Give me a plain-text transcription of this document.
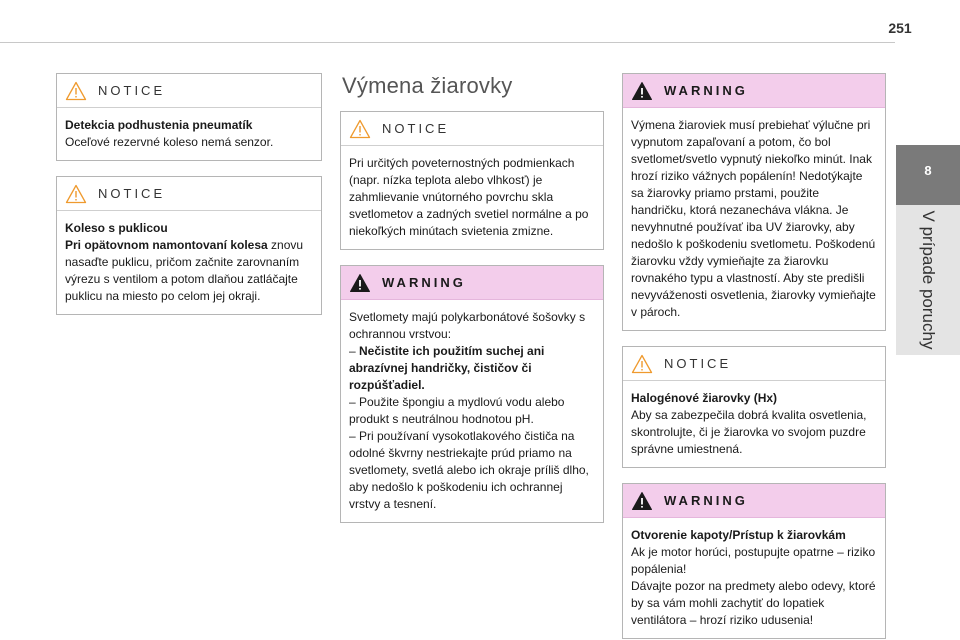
251
8
V prípade poruchy
NOTICE

Detekcia podhustenia pneumatík

Oceľové rezervné koleso nemá senzor.

NOTICE

Koleso s puklicou

Pri opätovnom namontovaní kolesa znovu nasaďte puklicu, pričom začnite zarovnaním výrezu s ventilom a potom dlaňou zatláčajte puklicu na miesto po celom jej okraji.

Výmena žiarovky
NOTICE

Pri určitých poveternostných podmienkach (napr. nízka teplota alebo vlhkosť) je zahmlievanie vnútorného povrchu skla svetlometov a zadných svetiel normálne a po niekoľkých minútach svietenia zmizne.

WARNING

Svetlomety majú polykarbonátové šošovky s ochrannou vrstvou:

– Nečistite ich použitím suchej ani abrazívnej handričky, čističov či rozpúšťadiel.

– Použite špongiu a mydlovú vodu alebo produkt s neutrálnou hodnotou pH.

– Pri používaní vysokotlakového čističa na odolné škvrny nestriekajte prúd priamo na svetlomety, svetlá alebo ich okraje príliš dlho, aby nedošlo k poškodeniu ich ochrannej vrstvy a tesnení.

WARNING

Výmena žiaroviek musí prebiehať výlučne pri vypnutom zapaľovaní a potom, čo bol svetlomet/svetlo vypnutý niekoľko minút. Inak hrozí riziko vážnych popálenín! Nedotýkajte sa žiarovky priamo prstami, použite handričku, ktorá nezanecháva vlákna. Je nevyhnutné používať iba UV žiarovky, aby nedošlo k poškodeniu svetlometu. Poškodenú žiarovku vždy vymieňajte za žiarovku rovnakého typu a vlastností. Aby ste predišli nevyváženosti osvetlenia, žiarovky vymieňajte v pároch.

NOTICE

Halogénové žiarovky (Hx)

Aby sa zabezpečila dobrá kvalita osvetlenia, skontrolujte, či je žiarovka vo svojom puzdre správne umiestnená.

WARNING

Otvorenie kapoty/Prístup k žiarovkám

Ak je motor horúci, postupujte opatrne – riziko popálenia!

Dávajte pozor na predmety alebo odevy, ktoré by sa vám mohli zachytiť do lopatiek ventilátora – hrozí riziko udusenia!
